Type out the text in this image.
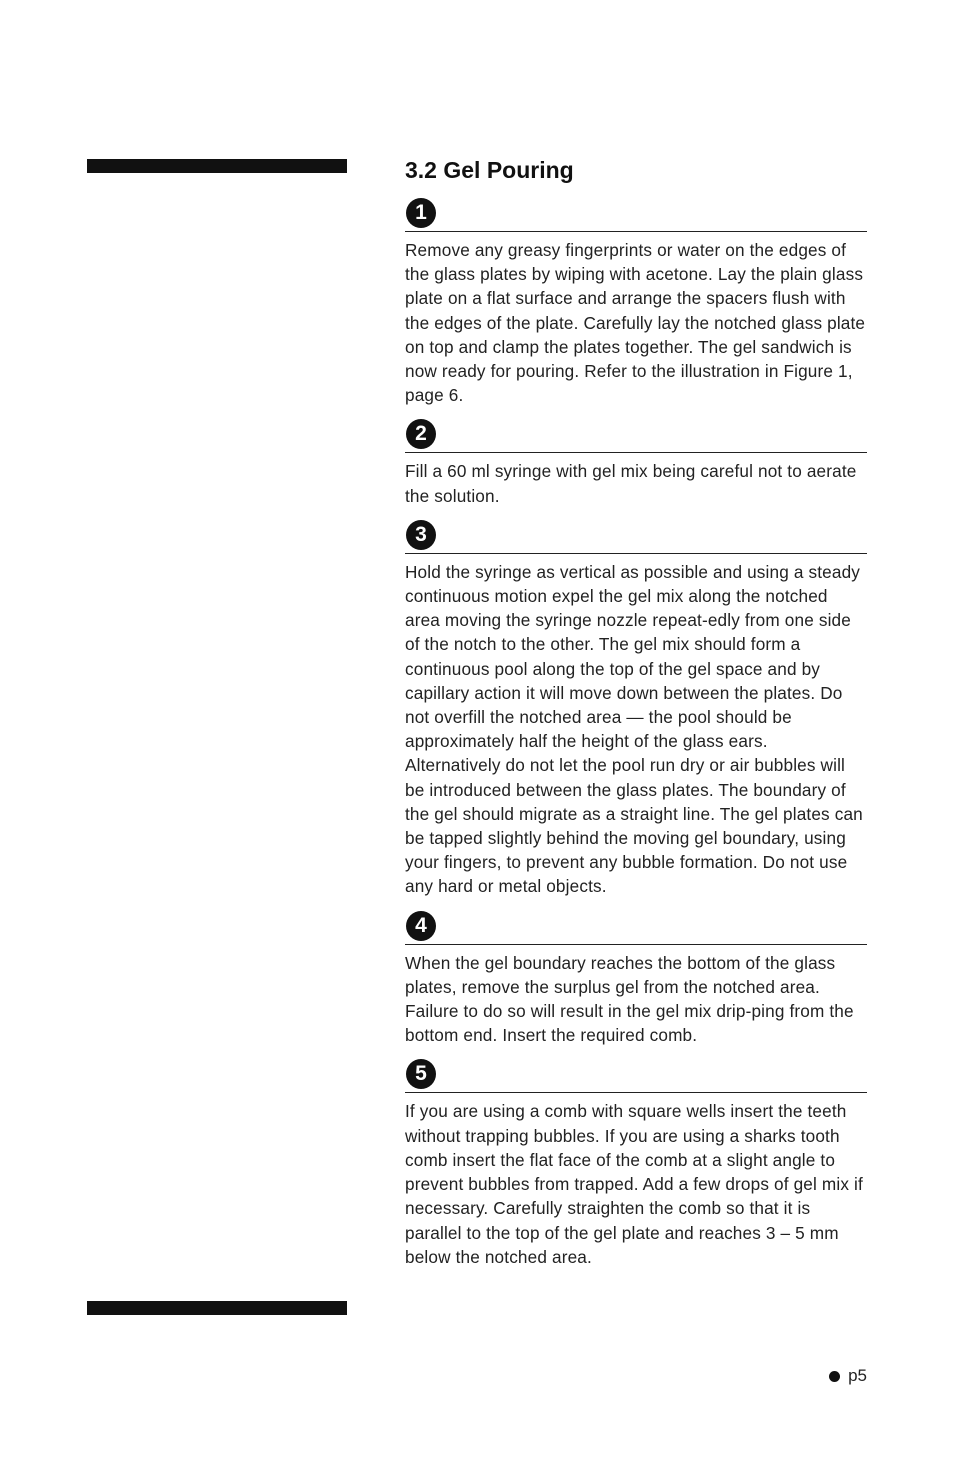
3.2 Gel Pouring
1

Remove any greasy fingerprints or water on the edges of the glass plates by wiping with acetone. Lay the plain glass plate on a flat surface and arrange the spacers flush with the edges of the plate. Carefully lay the notched glass plate on top and clamp the plates together. The gel sandwich is now ready for pouring. Refer to the illustration in Figure 1, page 6.

2

Fill a 60 ml syringe with gel mix being careful not to aerate the solution.

3

Hold the syringe as vertical as possible and using a steady continuous motion expel the gel mix along the notched area moving the syringe nozzle repeat-edly from one side of the notch to the other. The gel mix should form a continuous pool along the top of the gel space and by capillary action it will move down between the plates. Do not overfill the notched area — the pool should be approximately half the height of the glass ears. Alternatively do not let the pool run dry or air bubbles will be introduced between the glass plates. The boundary of the gel should migrate as a straight line. The gel plates can be tapped slightly behind the moving gel boundary, using your fingers, to prevent any bubble formation. Do not use any hard or metal objects.

4

When the gel boundary reaches the bottom of the glass plates, remove the surplus gel from the notched area. Failure to do so will result in the gel mix drip-ping from the bottom end. Insert the required comb.

5

If you are using a comb with square wells insert the teeth without trapping bubbles. If you are using a sharks tooth comb insert the flat face of the comb at a slight angle to prevent bubbles from trapped. Add a few drops of gel mix if necessary. Carefully straighten the comb so that it is parallel to the top of the gel plate and reaches 3 – 5 mm below the notched area.

p5
